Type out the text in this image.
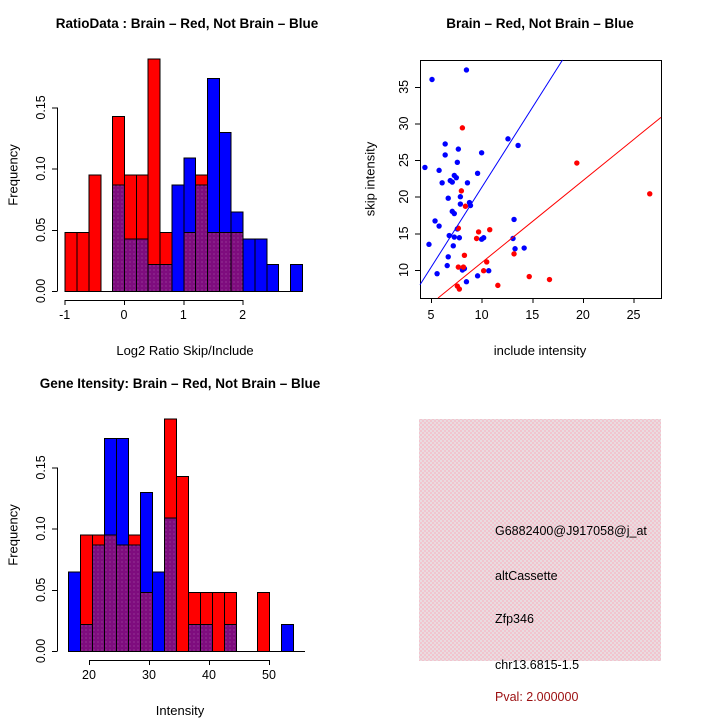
RatioData : Brain – Red, Not Brain – Blue
Frequency
0.00
0.05
0.10
0.15
-1	0	1	2
Log2 Ratio Skip/Include
Brain – Red, Not Brain – Blue
skip intensity
5	10	15	20	25
10
15
20
25
30
35
include intensity
Gene Itensity: Brain – Red, Not Brain – Blue
Frequency
0.00
0.05
0.10
0.15
20	30	40	50
Intensity
G6882400@J917058@j_at
altCassette
Zfp346
chr13.6815-1.5
Pval: 2.000000
